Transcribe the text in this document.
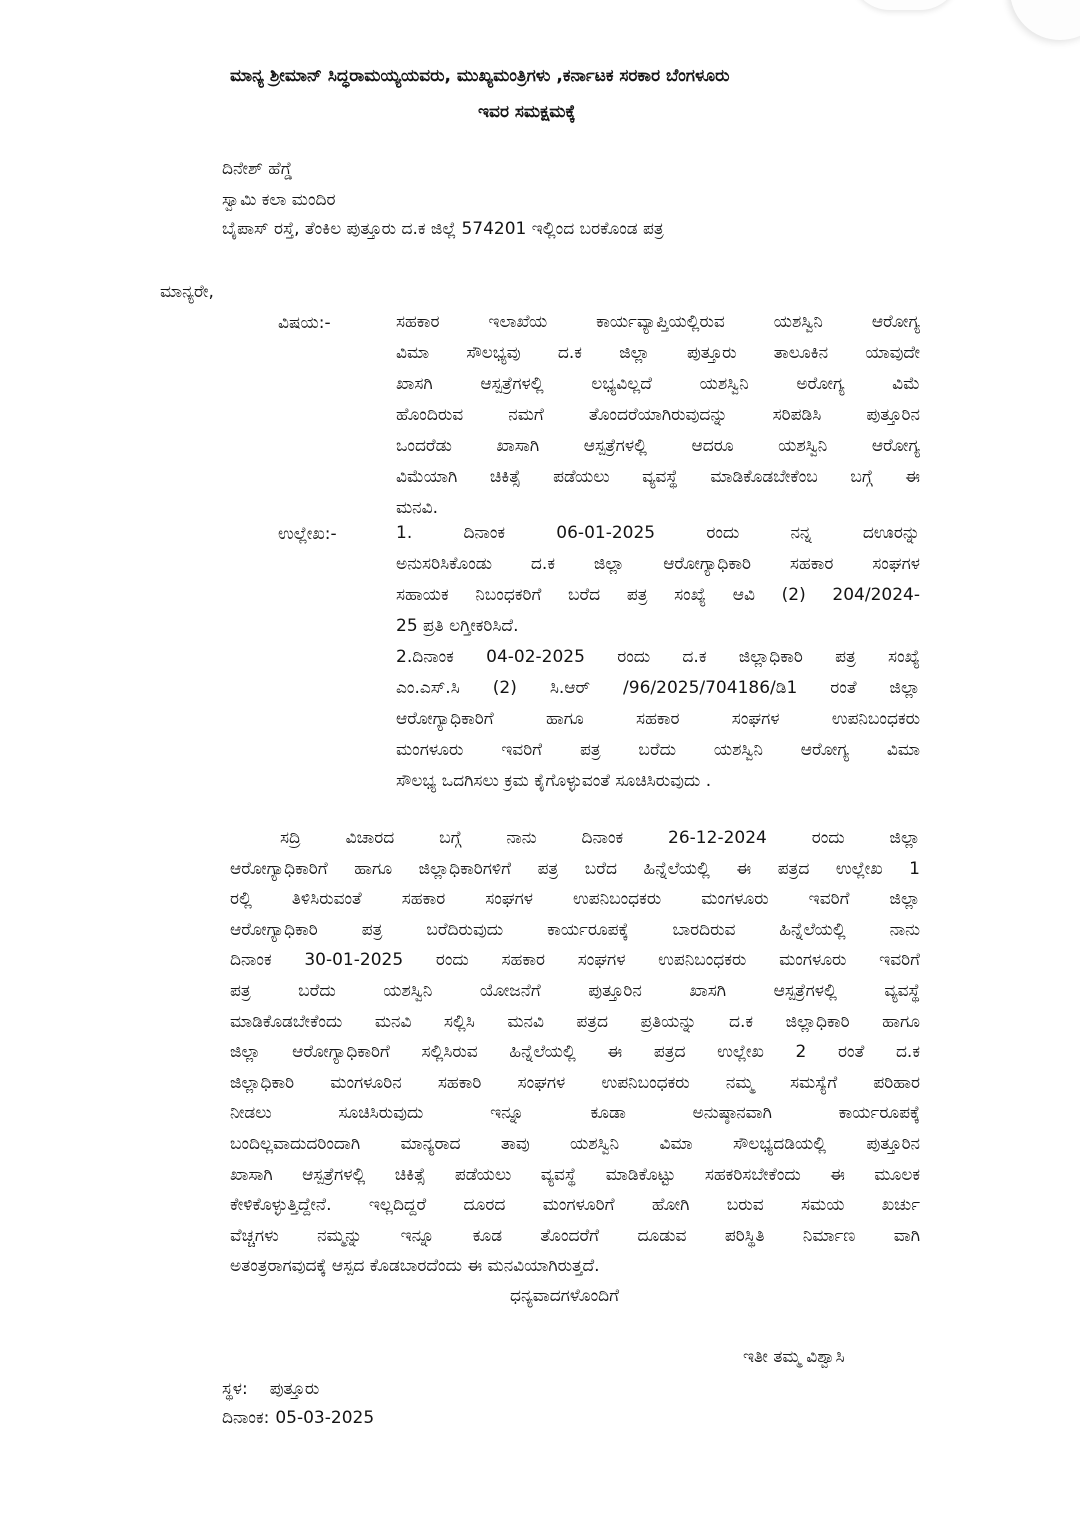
ಮಾನ್ಯ ಶ್ರೀಮಾನ್ ಸಿದ್ಧರಾಮಯ್ಯಯವರು, ಮುಖ್ಯಮಂತ್ರಿಗಳು ,ಕರ್ನಾಟಕ ಸರಕಾರ ಬೆಂಗಳೂರು
ಇವರ ಸಮಕ್ಷಮಕ್ಕೆ
ದಿನೇಶ್ ಹೆಗ್ಡೆ
ಸ್ವಾಮಿ ಕಲಾ ಮಂದಿರ
ಬೈಪಾಸ್ ರಸ್ತೆ, ತೆಂಕಿಲ ಪುತ್ತೂರು ದ.ಕ ಜಿಲ್ಲೆ 574201 ಇಲ್ಲಿಂದ ಬರಕೊಂಡ ಪತ್ರ
ಮಾನ್ಯರೇ,
ವಿಷಯ:-	ಸಹಕಾರ ಇಲಾಖೆಯ ಕಾರ್ಯವ್ಯಾಪ್ತಿಯಲ್ಲಿರುವ ಯಶಸ್ವಿನಿ ಆರೋಗ್ಯ
ವಿಮಾ ಸೌಲಭ್ಯವು ದ.ಕ ಜಿಲ್ಲಾ ಪುತ್ತೂರು ತಾಲೂಕಿನ ಯಾವುದೇ
ಖಾಸಗಿ ಆಸ್ಪತ್ರೆಗಳಲ್ಲಿ ಲಭ್ಯವಿಲ್ಲದೆ ಯಶಸ್ವಿನಿ ಅರೋಗ್ಯ ವಿಮೆ
ಹೊಂದಿರುವ ನಮಗೆ ತೊಂದರೆಯಾಗಿರುವುದನ್ನು ಸರಿಪಡಿಸಿ ಪುತ್ತೂರಿನ
ಒಂದರೆಡು ಖಾಸಾಗಿ ಆಸ್ಪತ್ರೆಗಳಲ್ಲಿ ಆದರೂ ಯಶಸ್ವಿನಿ ಆರೋಗ್ಯ
ವಿಮೆಯಾಗಿ ಚಿಕಿತ್ಸೆ ಪಡೆಯಲು ವ್ಯವಸ್ಥೆ ಮಾಡಿಕೊಡಬೇಕೆಂಬ ಬಗ್ಗೆ ಈ
ಮನವಿ.
ಉಲ್ಲೇಖ:-	1. ದಿನಾಂಕ 06-01-2025 ರಂದು ನನ್ನ ದಊರನ್ನು
ಅನುಸರಿಸಿಕೊಂಡು ದ.ಕ ಜಿಲ್ಲಾ ಆರೋಗ್ಯಾಧಿಕಾರಿ ಸಹಕಾರ ಸಂಘಗಳ
ಸಹಾಯಕ ನಿಬಂಧಕರಿಗೆ ಬರೆದ ಪತ್ರ ಸಂಖ್ಯೆ ಆವಿ (2) 204/2024-
25 ಪ್ರತಿ ಲಗ್ತೀಕರಿಸಿದೆ.
2.ದಿನಾಂಕ 04-02-2025 ರಂದು ದ.ಕ ಜಿಲ್ಲಾಧಿಕಾರಿ ಪತ್ರ ಸಂಖ್ಯೆ
ಎಂ.ಎಸ್.ಸಿ (2) ಸಿ.ಆರ್ /96/2025/704186/ಡಿ1 ರಂತೆ ಜಿಲ್ಲಾ
ಆರೋಗ್ಯಾಧಿಕಾರಿಗೆ ಹಾಗೂ ಸಹಕಾರ ಸಂಘಗಳ ಉಪನಿಬಂಧಕರು
ಮಂಗಳೂರು ಇವರಿಗೆ ಪತ್ರ ಬರೆದು ಯಶಸ್ವಿನಿ ಆರೋಗ್ಯ ವಿಮಾ
ಸೌಲಭ್ಯ ಒದಗಿಸಲು ಕ್ರಮ ಕೈಗೊಳ್ಳುವಂತೆ ಸೂಚಿಸಿರುವುದು .
ಸದ್ರಿ ವಿಚಾರದ ಬಗ್ಗೆ ನಾನು ದಿನಾಂಕ 26-12-2024 ರಂದು ಜಿಲ್ಲಾ
ಆರೋಗ್ಯಾಧಿಕಾರಿಗೆ ಹಾಗೂ ಜಿಲ್ಲಾಧಿಕಾರಿಗಳಿಗೆ ಪತ್ರ ಬರೆದ ಹಿನ್ನೆಲೆಯಲ್ಲಿ ಈ ಪತ್ರದ ಉಲ್ಲೇಖ 1
ರಲ್ಲಿ ತಿಳಿಸಿರುವಂತೆ ಸಹಕಾರ ಸಂಘಗಳ ಉಪನಿಬಂಧಕರು ಮಂಗಳೂರು ಇವರಿಗೆ ಜಿಲ್ಲಾ
ಆರೋಗ್ಯಾಧಿಕಾರಿ ಪತ್ರ ಬರೆದಿರುವುದು ಕಾರ್ಯರೂಪಕ್ಕೆ ಬಾರದಿರುವ ಹಿನ್ನೆಲೆಯಲ್ಲಿ ನಾನು
ದಿನಾಂಕ 30-01-2025 ರಂದು ಸಹಕಾರ ಸಂಘಗಳ ಉಪನಿಬಂಧಕರು ಮಂಗಳೂರು ಇವರಿಗೆ
ಪತ್ರ ಬರೆದು ಯಶಸ್ವಿನಿ ಯೋಜನೆಗೆ ಪುತ್ತೂರಿನ ಖಾಸಗಿ ಆಸ್ಪತ್ರೆಗಳಲ್ಲಿ ವ್ಯವಸ್ಥೆ
ಮಾಡಿಕೊಡಬೇಕೆಂದು ಮನವಿ ಸಲ್ಲಿಸಿ ಮನವಿ ಪತ್ರದ ಪ್ರತಿಯನ್ನು ದ.ಕ ಜಿಲ್ಲಾಧಿಕಾರಿ ಹಾಗೂ
ಜಿಲ್ಲಾ ಆರೋಗ್ಯಾಧಿಕಾರಿಗೆ ಸಲ್ಲಿಸಿರುವ ಹಿನ್ನೆಲೆಯಲ್ಲಿ ಈ ಪತ್ರದ ಉಲ್ಲೇಖ 2 ರಂತೆ ದ.ಕ
ಜಿಲ್ಲಾಧಿಕಾರಿ ಮಂಗಳೂರಿನ ಸಹಕಾರಿ ಸಂಘಗಳ ಉಪನಿಬಂಧಕರು ನಮ್ಮ ಸಮಸ್ಯೆಗೆ ಪರಿಹಾರ
ನೀಡಲು ಸೂಚಿಸಿರುವುದು ಇನ್ನೂ ಕೂಡಾ ಅನುಷ್ಠಾನವಾಗಿ ಕಾರ್ಯರೂಪಕ್ಕೆ
ಬಂದಿಲ್ಲವಾದುದರಿಂದಾಗಿ ಮಾನ್ಯರಾದ ತಾವು ಯಶಸ್ವಿನಿ ವಿಮಾ ಸೌಲಭ್ಯದಡಿಯಲ್ಲಿ ಪುತ್ತೂರಿನ
ಖಾಸಾಗಿ ಆಸ್ಪತ್ರೆಗಳಲ್ಲಿ ಚಿಕಿತ್ಸೆ ಪಡೆಯಲು ವ್ಯವಸ್ಥೆ ಮಾಡಿಕೊಟ್ಟು ಸಹಕರಿಸಬೇಕೆಂದು ಈ ಮೂಲಕ
ಕೇಳಿಕೊಳ್ಳುತ್ತಿದ್ದೇನೆ. ಇಲ್ಲದಿದ್ದರೆ ದೂರದ ಮಂಗಳೂರಿಗೆ ಹೋಗಿ ಬರುವ ಸಮಯ ಖರ್ಚು
ವೆಚ್ಚಗಳು ನಮ್ಮನ್ನು ಇನ್ನೂ ಕೂಡ ತೊಂದರೆಗೆ ದೂಡುವ ಪರಿಸ್ಥಿತಿ ನಿರ್ಮಾಣ ವಾಗಿ
ಅತಂತ್ರರಾಗವುದಕ್ಕೆ ಆಸ್ಪದ ಕೊಡಬಾರದೆಂದು ಈ ಮನವಿಯಾಗಿರುತ್ತದೆ.
ಧನ್ಯವಾದಗಳೊಂದಿಗೆ
ಇತೀ ತಮ್ಮ ವಿಶ್ವಾಸಿ
ಸ್ಥಳ: ಪುತ್ತೂರು
ದಿನಾಂಕ: 05-03-2025
